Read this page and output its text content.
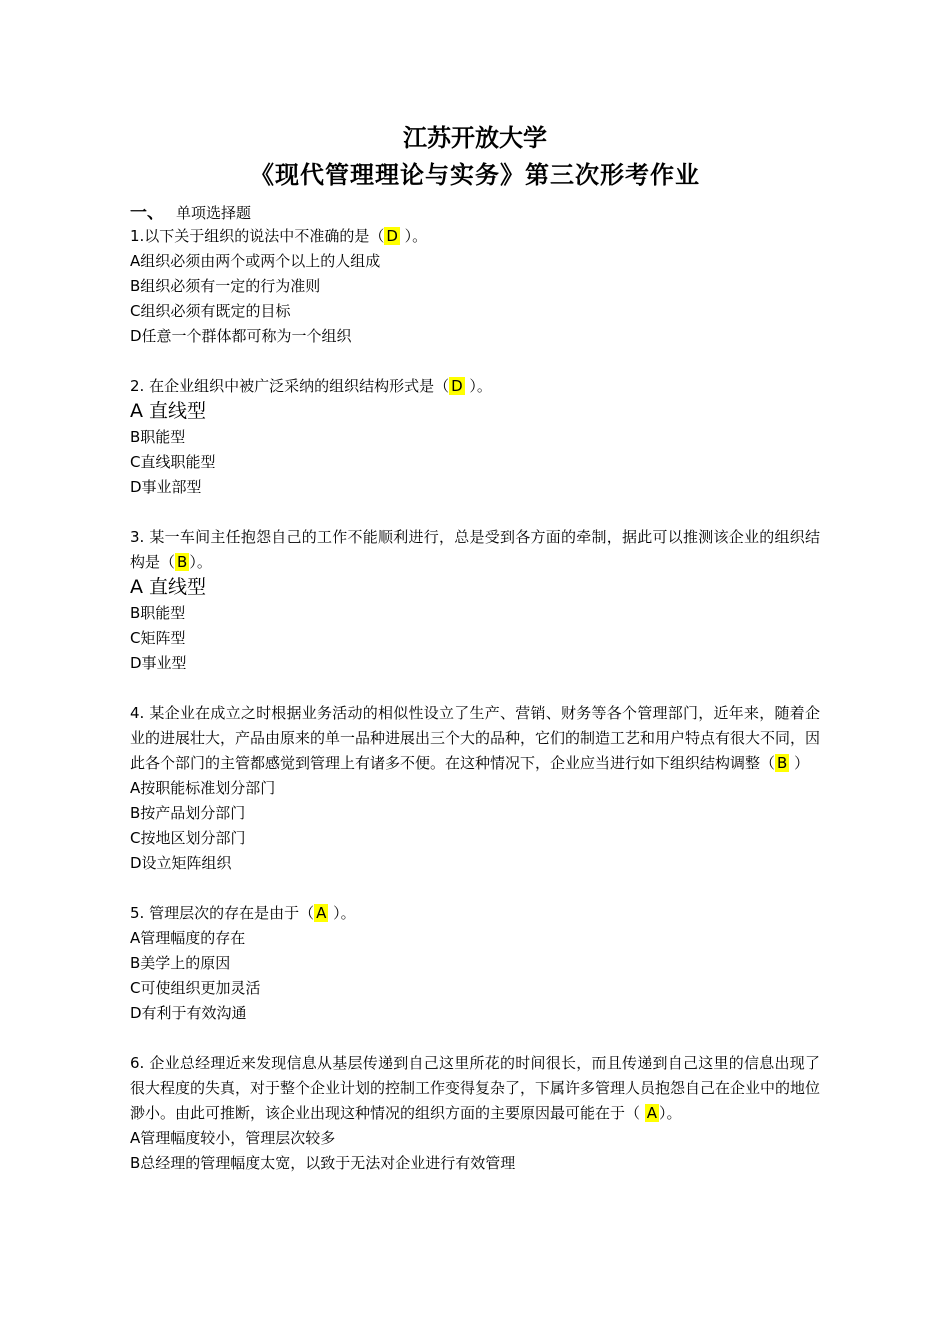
江苏开放大学
《现代管理理论与实务》第三次形考作业
一、 单项选择题
1.以下关于组织的说法中不准确的是（ D ）。
A组织必须由两个或两个以上的人组成
B组织必须有一定的行为准则
C组织必须有既定的目标
D任意一个群体都可称为一个组织
2. 在企业组织中被广泛采纳的组织结构形式是（ D ）。
A 直线型
B职能型
C直线职能型
D事业部型
3. 某一车间主任抱怨自己的工作不能顺利进行，总是受到各方面的牵制，据此可以推测该企业的组织结构是（ B ）。
A 直线型
B职能型
C矩阵型
D事业型
4. 某企业在成立之时根据业务活动的相似性设立了生产、营销、财务等各个管理部门，近年来，随着企业的进展壮大，产品由原来的单一品种进展出三个大的品种，它们的制造工艺和用户特点有很大不同，因此各个部门的主管都感觉到管理上有诸多不便。在这种情况下，企业应当进行如下组织结构调整（ B ）
A按职能标准划分部门
B按产品划分部门
C按地区划分部门
D设立矩阵组织
5. 管理层次的存在是由于（ A ）。
A管理幅度的存在
B美学上的原因
C可使组织更加灵活
D有利于有效沟通
6. 企业总经理近来发现信息从基层传递到自己这里所花的时间很长，而且传递到自己这里的信息出现了很大程度的失真，对于整个企业计划的控制工作变得复杂了，下属许多管理人员抱怨自己在企业中的地位渺小。由此可推断，该企业出现这种情况的组织方面的主要原因最可能在于（ A ）。
A管理幅度较小，管理层次较多
B总经理的管理幅度太宽，以致于无法对企业进行有效管理
